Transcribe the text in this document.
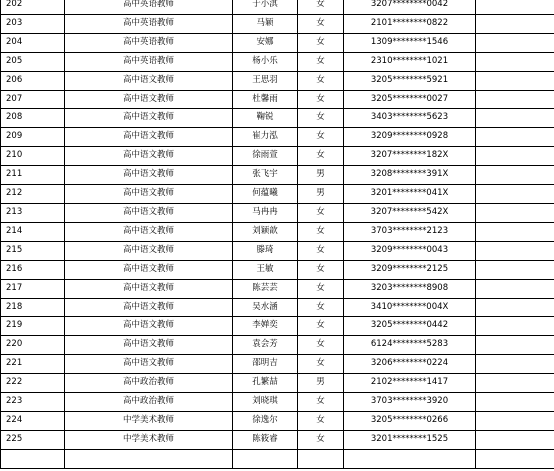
202	高中英语教师	于小淇	女	3207********0042	
203	高中英语教师	马颖	女	2101********0822	
204	高中英语教师	安娜	女	1309********1546	
205	高中英语教师	杨小乐	女	2310********1021	
206	高中语文教师	王思羽	女	3205********5921	
207	高中语文教师	杜馨雨	女	3205********0027	
208	高中语文教师	鞠锐	女	3403********5623	
209	高中语文教师	崔力泓	女	3209********0928	
210	高中语文教师	徐雨萱	女	3207********182X	
211	高中语文教师	张飞宇	男	3208********391X	
212	高中语文教师	何蕴曦	男	3201********041X	
213	高中语文教师	马冉冉	女	3207********542X	
214	高中语文教师	刘颖歆	女	3703********2123	
215	高中语文教师	滕琦	女	3209********0043	
216	高中语文教师	王敏	女	3209********2125	
217	高中语文教师	陈芸芸	女	3203********8908	
218	高中语文教师	吴水涵	女	3410********004X	
219	高中语文教师	李婵奕	女	3205********0442	
220	高中语文教师	袁会芳	女	6124********5283	
221	高中语文教师	邵明吉	女	3206********0224	
222	高中政治教师	孔繁喆	男	2102********1417	
223	高中政治教师	刘晓琪	女	3703********3920	
224	中学美术教师	徐逸尔	女	3205********0266	
225	中学美术教师	陈筱睿	女	3201********1525	
